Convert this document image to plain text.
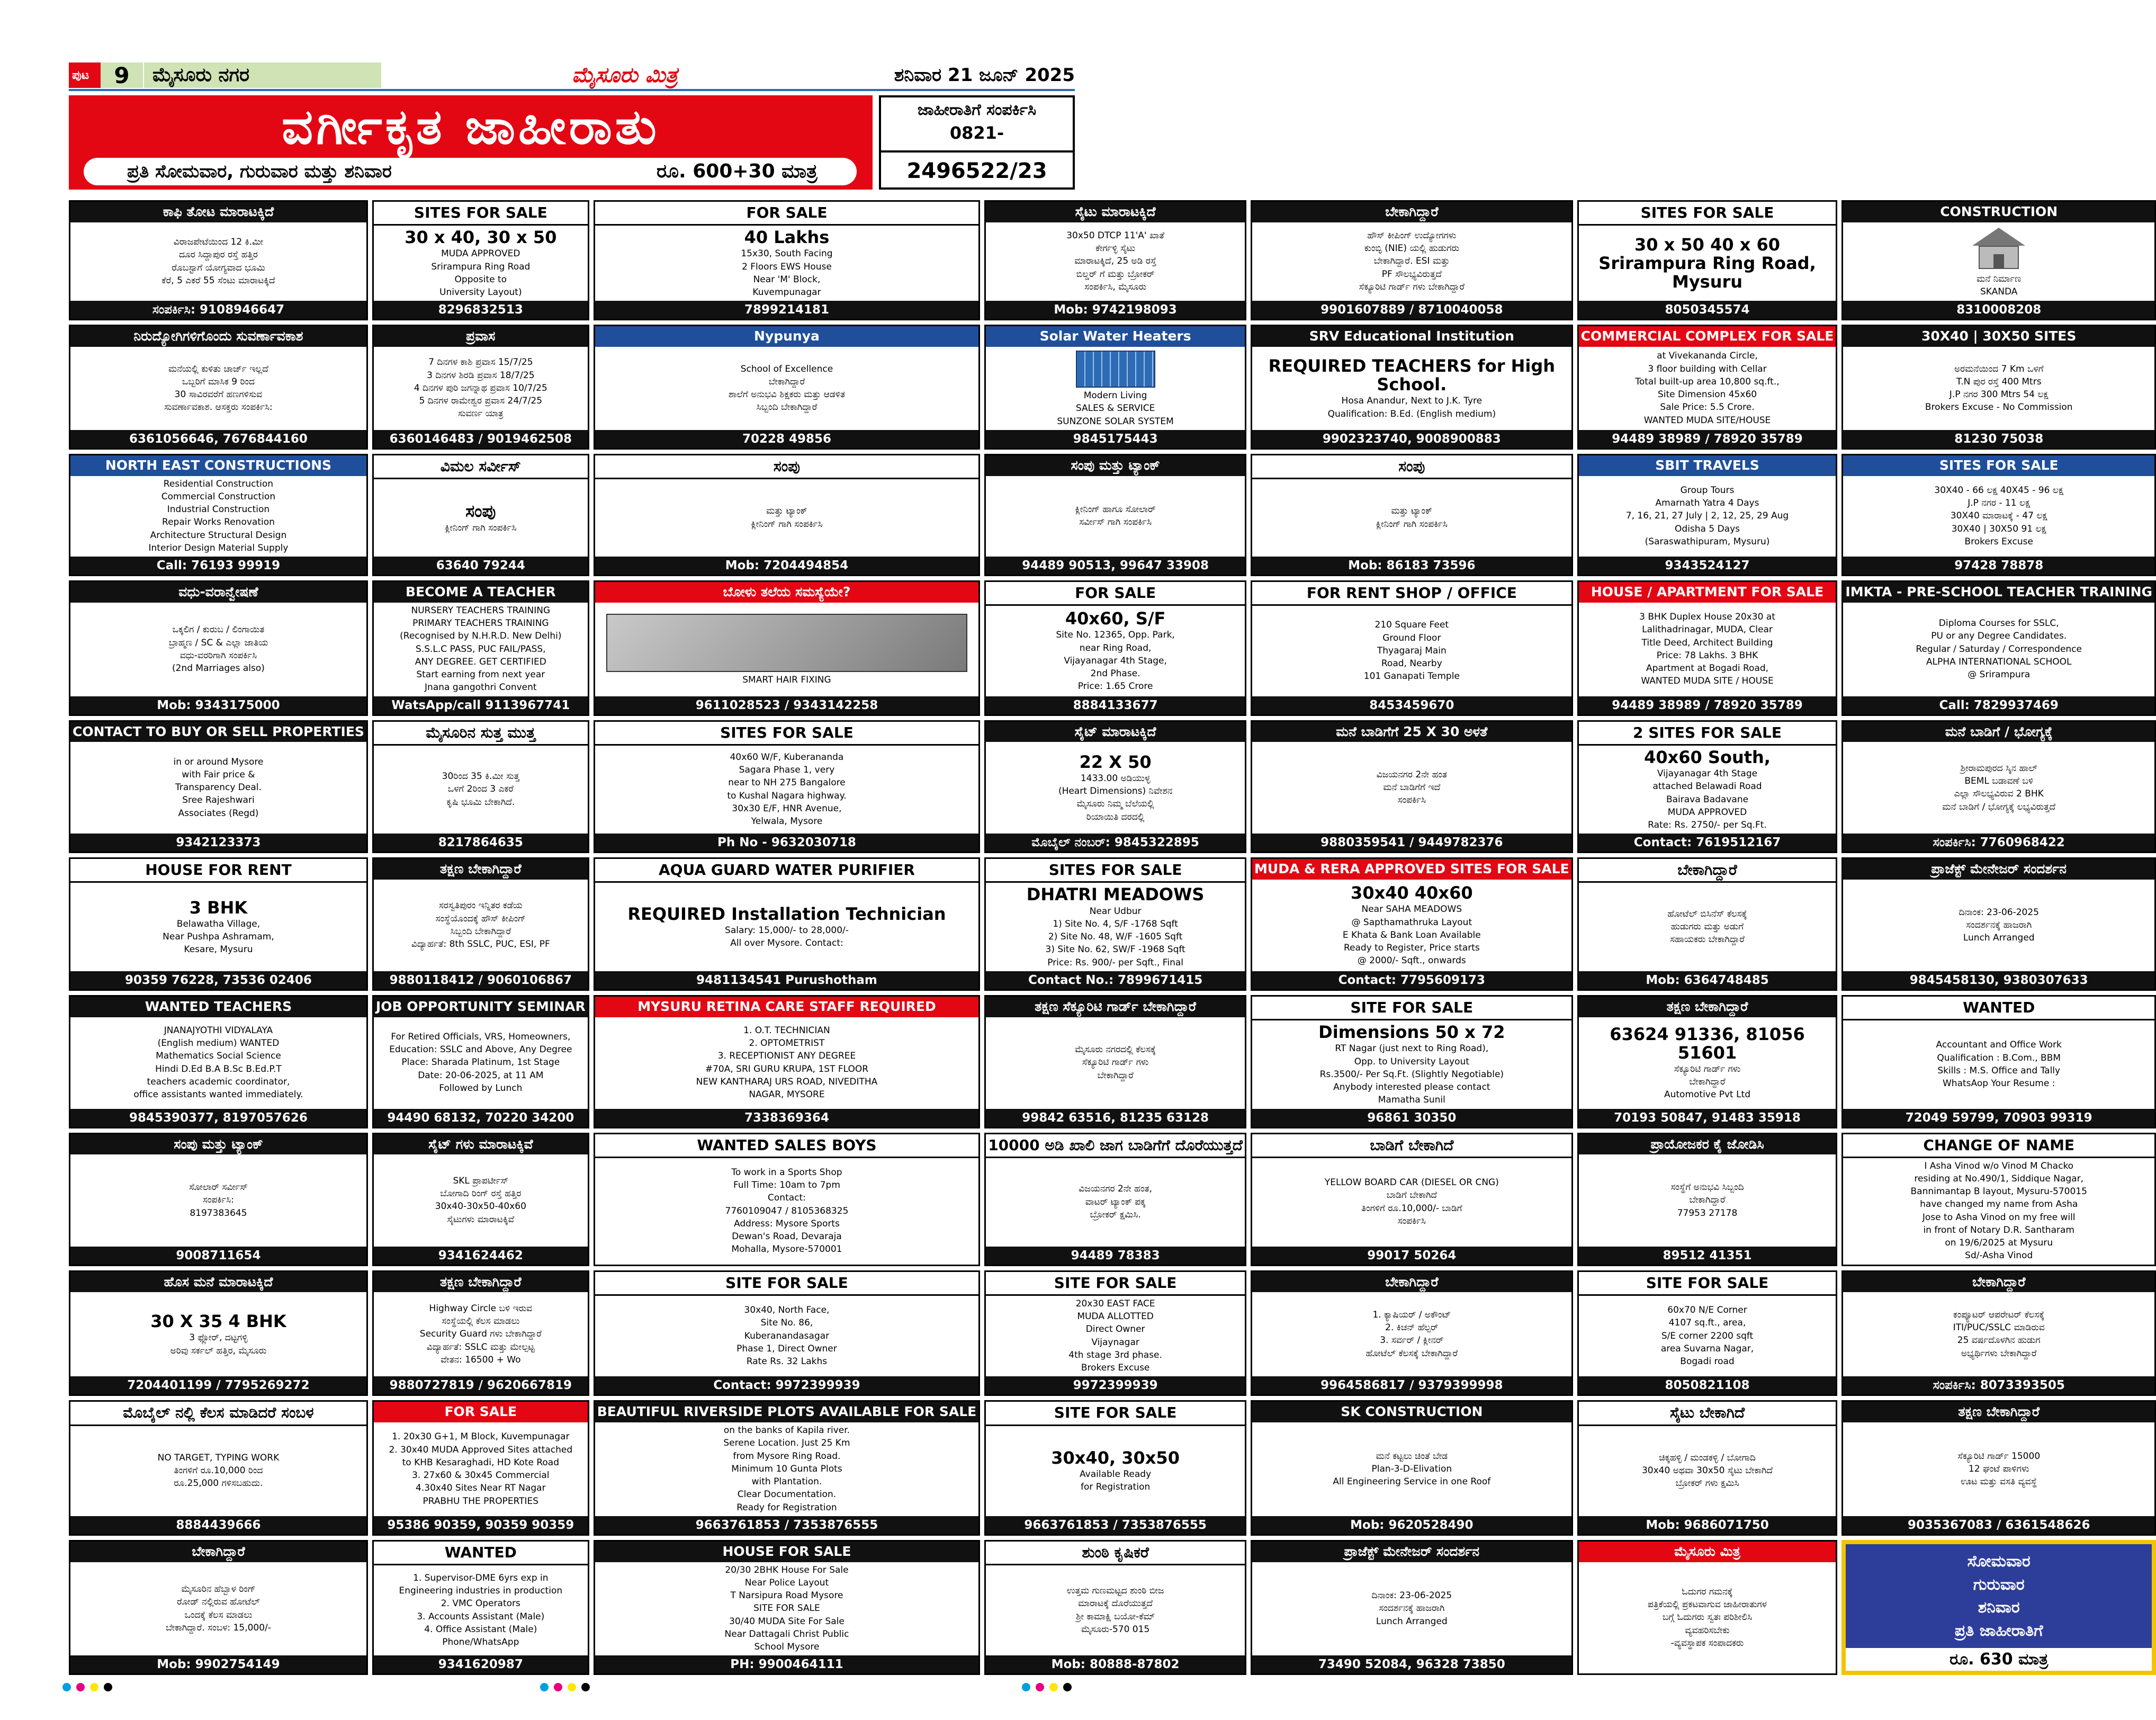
ಪುಟ	9	ಮೈಸೂರು ನಗರ	ಮೈಸೂರು ಮಿತ್ರ	ಶನಿವಾರ 21 ಜೂನ್ 2025
ವರ್ಗೀಕೃತ ಜಾಹೀರಾತು
ಪ್ರತಿ ಸೋಮವಾರ, ಗುರುವಾರ ಮತ್ತು ಶನಿವಾರ	ರೂ. 600+30 ಮಾತ್ರ
ಜಾಹೀರಾತಿಗೆ ಸಂಪರ್ಕಿಸಿ
0821-
2496522/23
ಕಾಫಿ ತೋಟ ಮಾರಾಟಕ್ಕಿದೆ
ವಿರಾಜಪೇಟೆಯಿಂದ 12 ಕಿ.ಮೀ
ದೂರ ಸಿದ್ದಾಪುರ ರಸ್ತೆ ಹತ್ತಿರ
ರೊಬಸ್ಟಾಗೆ ಯೋಗ್ಯವಾದ ಭೂಮಿ
ಕೆರೆ, 5 ಎಕರೆ 55 ಸೆಂಟು ಮಾರಾಟಕ್ಕಿದೆ
ಸಂಪರ್ಕಿಸಿ: 9108946647
SITES FOR SALE
30 x 40, 30 x 50
MUDA APPROVED
Srirampura Ring Road
Opposite to
University Layout)
8296832513
FOR SALE
40 Lakhs
15x30, South Facing
2 Floors EWS House
Near 'M' Block,
Kuvempunagar
7899214181
ಸೈಟು ಮಾರಾಟಕ್ಕಿದೆ
30x50 DTCP 11'A' ಖಾತೆ
ಕೇರ್ಗಳ್ಳಿ ಸೈಟು
ಮಾರಾಟಕ್ಕಿದೆ, 25 ಅಡಿ ರಸ್ತೆ
ಬಿಲ್ಡರ್ ಗೆ ಮತ್ತು ಬ್ರೋಕರ್
ಸಂಪರ್ಕಿಸಿ, ಮೈಸೂರು
Mob: 9742198093
ಬೇಕಾಗಿದ್ದಾರೆ
ಹೌಸ್ ಕೀಪಿಂಗ್ ಉದ್ಯೋಗಗಳು
ಕುಂಬ್ಳಿ (NIE) ಯಲ್ಲಿ ಹುಡುಗರು
ಬೇಕಾಗಿದ್ದಾರೆ. ESI ಮತ್ತು
PF ಸೌಲಭ್ಯವಿರುತ್ತದೆ
ಸೆಕ್ಯೂರಿಟಿ ಗಾರ್ಡ್ ಗಳು ಬೇಕಾಗಿದ್ದಾರೆ
9901607889 / 8710040058
SITES FOR SALE
30 x 50 40 x 60 Srirampura Ring Road, Mysuru
8050345574
CONSTRUCTION
ಮನೆ ನಿರ್ಮಾಣ
SKANDA
8310008208
ನಿರುದ್ಯೋಗಿಗಳಿಗೊಂದು ಸುವರ್ಣಾವಕಾಶ
ಮನೆಯಲ್ಲಿ ಕುಳಿತು ಚಾರ್ಜ್ ಇಲ್ಲದೆ
ಒಬ್ಬರಿಗೆ ಮಾಸಿಕ 9 ರಿಂದ
30 ಸಾವಿರವರೆಗೆ ಹಣಗಳಿಸುವ
ಸುವರ್ಣಾವಕಾಶ. ಆಸಕ್ತರು ಸಂಪರ್ಕಿಸಿ:
6361056646, 7676844160
ಪ್ರವಾಸ
7 ದಿನಗಳ ಕಾಶಿ ಪ್ರವಾಸ 15/7/25
3 ದಿನಗಳ ಶಿರಡಿ ಪ್ರವಾಸ 18/7/25
4 ದಿನಗಳ ಪುರಿ ಜಗನ್ನಾಥ ಪ್ರವಾಸ 10/7/25
5 ದಿನಗಳ ರಾಮೇಶ್ವರ ಪ್ರವಾಸ 24/7/25
ಸುವರ್ಣ ಯಾತ್ರ
6360146483 / 9019462508
Nypunya
School of Excellence
ಬೇಕಾಗಿದ್ದಾರೆ
ಶಾಲೆಗೆ ಅನುಭವಿ ಶಿಕ್ಷಕರು ಮತ್ತು ಆಡಳಿತ
ಸಿಬ್ಬಂದಿ ಬೇಕಾಗಿದ್ದಾರೆ
70228 49856
Solar Water Heaters
Modern Living
SALES & SERVICE
SUNZONE SOLAR SYSTEM
9845175443
SRV Educational Institution
REQUIRED TEACHERS for High School.
Hosa Anandur, Next to J.K. Tyre
Qualification: B.Ed. (English medium)
9902323740, 9008900883
COMMERCIAL COMPLEX FOR SALE
at Vivekananda Circle,
3 floor building with Cellar
Total built-up area 10,800 sq.ft.,
Site Dimension 45x60
Sale Price: 5.5 Crore.
WANTED MUDA SITE/HOUSE
94489 38989 / 78920 35789
30X40 | 30X50 SITES
ಅರಮನೆಯಿಂದ 7 Km ಒಳಗೆ
T.N ಪುರ ರಸ್ತೆ 400 Mtrs
J.P ನಗರ 300 Mtrs 54 ಲಕ್ಷ
Brokers Excuse - No Commission
81230 75038
NORTH EAST CONSTRUCTIONS
Residential Construction
Commercial Construction
Industrial Construction
Repair Works Renovation
Architecture Structural Design
Interior Design Material Supply
Call: 76193 99919
ವಿಮಲ ಸರ್ವೀಸ್
ಸಂಪು
ಕ್ಲೀನಿಂಗ್ ಗಾಗಿ ಸಂಪರ್ಕಿಸಿ
63640 79244
ಸಂಪು
ಮತ್ತು ಟ್ಯಾಂಕ್
ಕ್ಲೀನಿಂಗ್ ಗಾಗಿ ಸಂಪರ್ಕಿಸಿ
Mob: 7204494854
ಸಂಪು ಮತ್ತು ಟ್ಯಾಂಕ್
ಕ್ಲೀನಿಂಗ್ ಹಾಗೂ ಸೋಲಾರ್
ಸರ್ವೀಸ್ ಗಾಗಿ ಸಂಪರ್ಕಿಸಿ
94489 90513, 99647 33908
ಸಂಪು
ಮತ್ತು ಟ್ಯಾಂಕ್
ಕ್ಲೀನಿಂಗ್ ಗಾಗಿ ಸಂಪರ್ಕಿಸಿ
Mob: 86183 73596
SBIT TRAVELS
Group Tours
Amarnath Yatra 4 Days
7, 16, 21, 27 July | 2, 12, 25, 29 Aug
Odisha 5 Days
(Saraswathipuram, Mysuru)
9343524127
SITES FOR SALE
30X40 - 66 ಲಕ್ಷ 40X45 - 96 ಲಕ್ಷ
J.P ನಗರ - 11 ಲಕ್ಷ
30X40 ಮಾರಾಟಕ್ಕೆ - 47 ಲಕ್ಷ
30X40 | 30X50 91 ಲಕ್ಷ
Brokers Excuse
97428 78878
ವಧು-ವರಾನ್ವೇಷಣೆ
ಒಕ್ಕಲಿಗ / ಕುರುಬ / ಲಿಂಗಾಯಿತ
ಬ್ರಾಹ್ಮಣ / SC & ಎಲ್ಲಾ ಜಾತಿಯ
ವಧು-ವರರಿಗಾಗಿ ಸಂಪರ್ಕಿಸಿ
(2nd Marriages also)
Mob: 9343175000
BECOME A TEACHER
NURSERY TEACHERS TRAINING
PRIMARY TEACHERS TRAINING
(Recognised by N.H.R.D. New Delhi)
S.S.L.C PASS, PUC FAIL/PASS,
ANY DEGREE. GET CERTIFIED
Start earning from next year
Jnana gangothri Convent
WatsApp/call 9113967741
ಬೋಳು ತಲೆಯ ಸಮಸ್ಯೆಯೇ?
SMART HAIR FIXING
9611028523 / 9343142258
FOR SALE
40x60, S/F
Site No. 12365, Opp. Park,
near Ring Road,
Vijayanagar 4th Stage,
2nd Phase.
Price: 1.65 Crore
8884133677
FOR RENT SHOP / OFFICE
210 Square Feet
Ground Floor
Thyagaraj Main
Road, Nearby
101 Ganapati Temple
8453459670
HOUSE / APARTMENT FOR SALE
3 BHK Duplex House 20x30 at
Lalithadrinagar, MUDA, Clear
Title Deed, Architect Building
Price: 78 Lakhs. 3 BHK
Apartment at Bogadi Road,
WANTED MUDA SITE / HOUSE
94489 38989 / 78920 35789
IMKTA - PRE-SCHOOL TEACHER TRAINING
Diploma Courses for SSLC,
PU or any Degree Candidates.
Regular / Saturday / Correspondence
ALPHA INTERNATIONAL SCHOOL
@ Srirampura
Call: 7829937469
CONTACT TO BUY OR SELL PROPERTIES
in or around Mysore
with Fair price &
Transparency Deal.
Sree Rajeshwari
Associates (Regd)
9342123373
ಮೈಸೂರಿನ ಸುತ್ತ ಮುತ್ತ
30ರಿಂದ 35 ಕಿ.ಮೀ ಸುತ್ತ
ಒಳಗೆ 2ರಿಂದ 3 ಎಕರೆ
ಕೃಷಿ ಭೂಮಿ ಬೇಕಾಗಿದೆ.
8217864635
SITES FOR SALE
40x60 W/F, Kuberananda
Sagara Phase 1, very
near to NH 275 Bangalore
to Kushal Nagara highway.
30x30 E/F, HNR Avenue,
Yelwala, Mysore
Ph No - 9632030718
ಸೈಟ್ ಮಾರಾಟಕ್ಕಿದೆ
22 X 50
1433.00 ಅಡಿಯುಳ್ಳ
(Heart Dimensions) ನಿವೇಶನ
ಮೈಸೂರು ನಿಮ್ಮ ಬೆಲೆಯಲ್ಲಿ
ರಿಯಾಯಿತಿ ದರದಲ್ಲಿ
ಮೊಬೈಲ್ ನಂಬರ್: 9845322895
ಮನೆ ಬಾಡಿಗೆಗೆ 25 X 30 ಅಳತೆ
ವಿಜಯನಗರ 2ನೇ ಹಂತ
ಮನೆ ಬಾಡಿಗೆಗೆ ಇದೆ
ಸಂಪರ್ಕಿಸಿ
9880359541 / 9449782376
2 SITES FOR SALE
40x60 South,
Vijayanagar 4th Stage
attached Belawadi Road
Bairava Badavane
MUDA APPROVED
Rate: Rs. 2750/- per Sq.Ft.
Contact: 7619512167
ಮನೆ ಬಾಡಿಗೆ / ಭೋಗ್ಯಕ್ಕೆ
ಶ್ರೀರಾಮಪುರದ ಸ್ಕಿನ ಹಾಲ್
BEML ಬಡಾವಣೆ ಬಳಿ
ಎಲ್ಲಾ ಸೌಲಭ್ಯವಿರುವ 2 BHK
ಮನೆ ಬಾಡಿಗೆ / ಭೋಗ್ಯಕ್ಕೆ ಲಭ್ಯವಿರುತ್ತದೆ
ಸಂಪರ್ಕಿಸಿ: 7760968422
HOUSE FOR RENT
3 BHK
Belawatha Village,
Near Pushpa Ashramam,
Kesare, Mysuru
90359 76228, 73536 02406
ತಕ್ಷಣ ಬೇಕಾಗಿದ್ದಾರೆ
ಸರಸ್ವತಿಪುರಂ ಇನ್ನಿತರ ಕಡೆಯ
ಸಂಸ್ಥೆಯೊಂದಕ್ಕೆ ಹೌಸ್ ಕೀಪಿಂಗ್
ಸಿಬ್ಬಂದಿ ಬೇಕಾಗಿದ್ದಾರೆ
ವಿದ್ಯಾರ್ಹತೆ: 8th SSLC, PUC, ESI, PF
9880118412 / 9060106867
AQUA GUARD WATER PURIFIER
REQUIRED Installation Technician
Salary: 15,000/- to 28,000/-
All over Mysore. Contact:
9481134541 Purushotham
SITES FOR SALE
DHATRI MEADOWS
Near Udbur
1) Site No. 4, S/F -1768 Sqft
2) Site No. 48, W/F -1605 Sqft
3) Site No. 62, SW/F -1968 Sqft
Price: Rs. 900/- per Sqft., Final
Contact No.: 7899671415
MUDA & RERA APPROVED SITES FOR SALE
30x40 40x60
Near SAHA MEADOWS
@ Sapthamathruka Layout
E Khata & Bank Loan Available
Ready to Register, Price starts
@ 2000/- Sqft., onwards
Contact: 7795609173
ಬೇಕಾಗಿದ್ದಾರೆ
ಹೋಟೆಲ್ ಬಿಸಿನೆಸ್ ಕೆಲಸಕ್ಕೆ
ಹುಡುಗರು ಮತ್ತು ಅಡುಗೆ
ಸಹಾಯಕರು ಬೇಕಾಗಿದ್ದಾರೆ
Mob: 6364748485
ಪ್ರಾಜೆಕ್ಟ್ ಮೇನೇಜರ್ ಸಂದರ್ಶನ
ದಿನಾಂಕ: 23-06-2025
ಸಂದರ್ಶನಕ್ಕೆ ಹಾಜರಾಗಿ
Lunch Arranged
9845458130, 9380307633
WANTED TEACHERS
JNANAJYOTHI VIDYALAYA
(English medium) WANTED
Mathematics Social Science
Hindi D.Ed B.A B.Sc B.Ed.P.T
teachers academic coordinator,
office assistants wanted immediately.
9845390377, 8197057626
JOB OPPORTUNITY SEMINAR
For Retired Officials, VRS, Homeowners,
Education: SSLC and Above, Any Degree
Place: Sharada Platinum, 1st Stage
Date: 20-06-2025, at 11 AM
Followed by Lunch
94490 68132, 70220 34200
MYSURU RETINA CARE STAFF REQUIRED
1. O.T. TECHNICIAN
2. OPTOMETRIST
3. RECEPTIONIST ANY DEGREE
#70A, SRI GURU KRUPA, 1ST FLOOR
NEW KANTHARAJ URS ROAD, NIVEDITHA
NAGAR, MYSORE
7338369364
ತಕ್ಷಣ ಸೆಕ್ಯೂರಿಟಿ ಗಾರ್ಡ್ ಬೇಕಾಗಿದ್ದಾರೆ
ಮೈಸೂರು ನಗರದಲ್ಲಿ ಕೆಲಸಕ್ಕೆ
ಸೆಕ್ಯೂರಿಟಿ ಗಾರ್ಡ್ ಗಳು
ಬೇಕಾಗಿದ್ದಾರೆ
99842 63516, 81235 63128
SITE FOR SALE
Dimensions 50 x 72
RT Nagar (just next to Ring Road),
Opp. to University Layout
Rs.3500/- Per Sq.Ft. (Slightly Negotiable)
Anybody interested please contact
Mamatha Sunil
96861 30350
ತಕ್ಷಣ ಬೇಕಾಗಿದ್ದಾರೆ
63624 91336, 81056 51601
ಸೆಕ್ಯೂರಿಟಿ ಗಾರ್ಡ್ ಗಳು
ಬೇಕಾಗಿದ್ದಾರೆ
Automotive Pvt Ltd
70193 50847, 91483 35918
WANTED
Accountant and Office Work
Qualification : B.Com., BBM
Skills : M.S. Office and Tally
WhatsAop Your Resume :
72049 59799, 70903 99319
ಸಂಪು ಮತ್ತು ಟ್ಯಾಂಕ್
ಸೋಲಾರ್ ಸರ್ವೀಸ್
ಸಂಪರ್ಕಿಸಿ:
8197383645
9008711654
ಸೈಟ್ ಗಳು ಮಾರಾಟಕ್ಕಿವೆ
SKL ಪ್ರಾಪರ್ಟೀಸ್
ಬೋಗಾದಿ ರಿಂಗ್ ರಸ್ತೆ ಹತ್ತಿರ
30x40-30x50-40x60
ಸೈಟುಗಳು ಮಾರಾಟಕ್ಕಿವೆ
9341624462
WANTED SALES BOYS
To work in a Sports Shop
Full Time: 10am to 7pm
Contact:
7760109047 / 8105368325
Address: Mysore Sports
Dewan's Road, Devaraja
Mohalla, Mysore-570001
10000 ಅಡಿ ಖಾಲಿ ಜಾಗ ಬಾಡಿಗೆಗೆ ದೊರೆಯುತ್ತದೆ
ವಿಜಯನಗರ 2ನೇ ಹಂತ,
ವಾಟರ್ ಟ್ಯಾಂಕ್ ಪಕ್ಕ
ಬ್ರೋಕರ್ ಕ್ಷಮಿಸಿ.
94489 78383
ಬಾಡಿಗೆ ಬೇಕಾಗಿದೆ
YELLOW BOARD CAR (DIESEL OR CNG)
ಬಾಡಿಗೆ ಬೇಕಾಗಿದೆ
ತಿಂಗಳಿಗೆ ರೂ.10,000/- ಬಾಡಿಗೆ
ಸಂಪರ್ಕಿಸಿ
99017 50264
ಪ್ರಾಯೋಜಕರ ಕೈ ಜೋಡಿಸಿ
ಸಂಸ್ಥೆಗೆ ಅನುಭವಿ ಸಿಬ್ಬಂದಿ
ಬೇಕಾಗಿದ್ದಾರೆ
77953 27178
89512 41351
CHANGE OF NAME
I Asha Vinod w/o Vinod M Chacko
residing at No.490/1, Siddique Nagar,
Bannimantap B layout, Mysuru-570015
have changed my name from Asha
Jose to Asha Vinod on my free will
in front of Notary D.R. Santharam
on 19/6/2025 at Mysuru
Sd/-Asha Vinod
ಹೊಸ ಮನೆ ಮಾರಾಟಕ್ಕಿದೆ
30 X 35 4 BHK
3 ಫ್ಲೋರ್, ದಟ್ಟಗಳ್ಳಿ
ಅರಿವು ಸರ್ಕಲ್ ಹತ್ತಿರ, ಮೈಸೂರು
7204401199 / 7795269272
ತಕ್ಷಣ ಬೇಕಾಗಿದ್ದಾರೆ
Highway Circle ಬಳಿ ಇರುವ
ಸಂಸ್ಥೆಯಲ್ಲಿ ಕೆಲಸ ಮಾಡಲು
Security Guard ಗಳು ಬೇಕಾಗಿದ್ದಾರೆ
ವಿದ್ಯಾರ್ಹತೆ: SSLC ಮತ್ತು ಮೇಲ್ಪಟ್ಟ
ವೇತನ: 16500 + Wo
9880727819 / 9620667819
SITE FOR SALE
30x40, North Face,
Site No. 86,
Kuberanandasagar
Phase 1, Direct Owner
Rate Rs. 32 Lakhs
Contact: 9972399939
SITE FOR SALE
20x30 EAST FACE
MUDA ALLOTTED
Direct Owner
Vijaynagar
4th stage 3rd phase.
Brokers Excuse
9972399939
ಬೇಕಾಗಿದ್ದಾರೆ
1. ಕ್ಯಾಷಿಯರ್ / ಅಕೌಂಟ್
2. ಕಿಚನ್ ಹೆಲ್ಪರ್
3. ಸರ್ವರ್ / ಕ್ಲೀನರ್
ಹೋಟೆಲ್ ಕೆಲಸಕ್ಕೆ ಬೇಕಾಗಿದ್ದಾರೆ
9964586817 / 9379399998
SITE FOR SALE
60x70 N/E Corner
4107 sq.ft., area,
S/E corner 2200 sqft
area Suvarna Nagar,
Bogadi road
8050821108
ಬೇಕಾಗಿದ್ದಾರೆ
ಕಂಪ್ಯೂಟರ್ ಆಪರೇಟರ್ ಕೆಲಸಕ್ಕೆ
ITI/PUC/SSLC ಮಾಡಿರುವ
25 ವರ್ಷದೊಳಗಿನ ಹುಡುಗ
ಅಭ್ಯರ್ಥಿಗಳು ಬೇಕಾಗಿದ್ದಾರೆ
ಸಂಪರ್ಕಿಸಿ: 8073393505
ಮೊಬೈಲ್ ನಲ್ಲಿ ಕೆಲಸ ಮಾಡಿದರೆ ಸಂಬಳ
NO TARGET, TYPING WORK
ತಿಂಗಳಿಗೆ ರೂ.10,000 ರಿಂದ
ರೂ.25,000 ಗಳಿಸಬಹುದು.
8884439666
FOR SALE
1. 20x30 G+1, M Block, Kuvempunagar
2. 30x40 MUDA Approved Sites attached
to KHB Kesaraghadi, HD Kote Road
3. 27x60 & 30x45 Commercial
4.30x40 Sites Near RT Nagar
PRABHU THE PROPERTIES
95386 90359, 90359 90359
BEAUTIFUL RIVERSIDE PLOTS AVAILABLE FOR SALE
on the banks of Kapila river.
Serene Location. Just 25 Km
from Mysore Ring Road.
Minimum 10 Gunta Plots
with Plantation.
Clear Documentation.
Ready for Registration
9663761853 / 7353876555
SITE FOR SALE
30x40, 30x50
Available Ready
for Registration
9663761853 / 7353876555
SK CONSTRUCTION
ಮನೆ ಕಟ್ಟಲು ಚಿಂತೆ ಬೇಡ
Plan-3-D-Elivation
All Engineering Service in one Roof
Mob: 9620528490
ಸೈಟು ಬೇಕಾಗಿದೆ
ಚಿಕ್ಕಹಳ್ಳಿ / ಮಂಡಕಳ್ಳಿ / ಬೋಗಾದಿ
30x40 ಅಥವಾ 30x50 ಸೈಟು ಬೇಕಾಗಿದೆ
ಬ್ರೋಕರ್ ಗಳು ಕ್ಷಮಿಸಿ
Mob: 9686071750
ತಕ್ಷಣ ಬೇಕಾಗಿದ್ದಾರೆ
ಸೆಕ್ಯೂರಿಟಿ ಗಾರ್ಡ್ 15000
12 ಘಂಟೆ ಪಾಳಿಗಳು
ಊಟ ಮತ್ತು ವಸತಿ ವ್ಯವಸ್ಥೆ
9035367083 / 6361548626
ಬೇಕಾಗಿದ್ದಾರೆ
ಮೈಸೂರಿನ ಹೆಬ್ಬಾಳ ರಿಂಗ್
ರೋಡ್ ನಲ್ಲಿರುವ ಹೋಟೆಲ್
ಒಂದಕ್ಕೆ ಕೆಲಸ ಮಾಡಲು
ಬೇಕಾಗಿದ್ದಾರೆ. ಸಂಬಳ: 15,000/-
Mob: 9902754149
WANTED
1. Supervisor-DME 6yrs exp in
Engineering industries in production
2. VMC Operators
3. Accounts Assistant (Male)
4. Office Assistant (Male)
Phone/WhatsApp
9341620987
HOUSE FOR SALE
20/30 2BHK House For Sale
Near Police Layout
T Narsipura Road Mysore
SITE FOR SALE
30/40 MUDA Site For Sale
Near Dattagali Christ Public
School Mysore
PH: 9900464111
ಶುಂಠಿ ಕೃಷಿಕರೆ
ಉತ್ತಮ ಗುಣಮಟ್ಟದ ಶುಂಠಿ ಬೀಜ
ಮಾರಾಟಕ್ಕೆ ದೊರೆಯುತ್ತದೆ
ಶ್ರೀ ಕಾಮಾಕ್ಷಿ ಬಯೋ-ಕೆಮ್
ಮೈಸೂರು-570 015
Mob: 80888-87802
ಪ್ರಾಜೆಕ್ಟ್ ಮೇನೇಜರ್ ಸಂದರ್ಶನ
ದಿನಾಂಕ: 23-06-2025
ಸಂದರ್ಶನಕ್ಕೆ ಹಾಜರಾಗಿ
Lunch Arranged
73490 52084, 96328 73850
ಮೈಸೂರು ಮಿತ್ರ
ಓದುಗರ ಗಮನಕ್ಕೆ
ಪತ್ರಿಕೆಯಲ್ಲಿ ಪ್ರಕಟವಾಗುವ ಜಾಹೀರಾತುಗಳ
ಬಗ್ಗೆ ಓದುಗರು ಸ್ವತಃ ಪರಿಶೀಲಿಸಿ
ವ್ಯವಹರಿಸಬೇಕು
-ವ್ಯವಸ್ಥಾಪಕ ಸಂಪಾದಕರು
ಸೋಮವಾರ
ಗುರುವಾರ
ಶನಿವಾರ
ಪ್ರತಿ ಜಾಹೀರಾತಿಗೆ
ರೂ. 630 ಮಾತ್ರ
